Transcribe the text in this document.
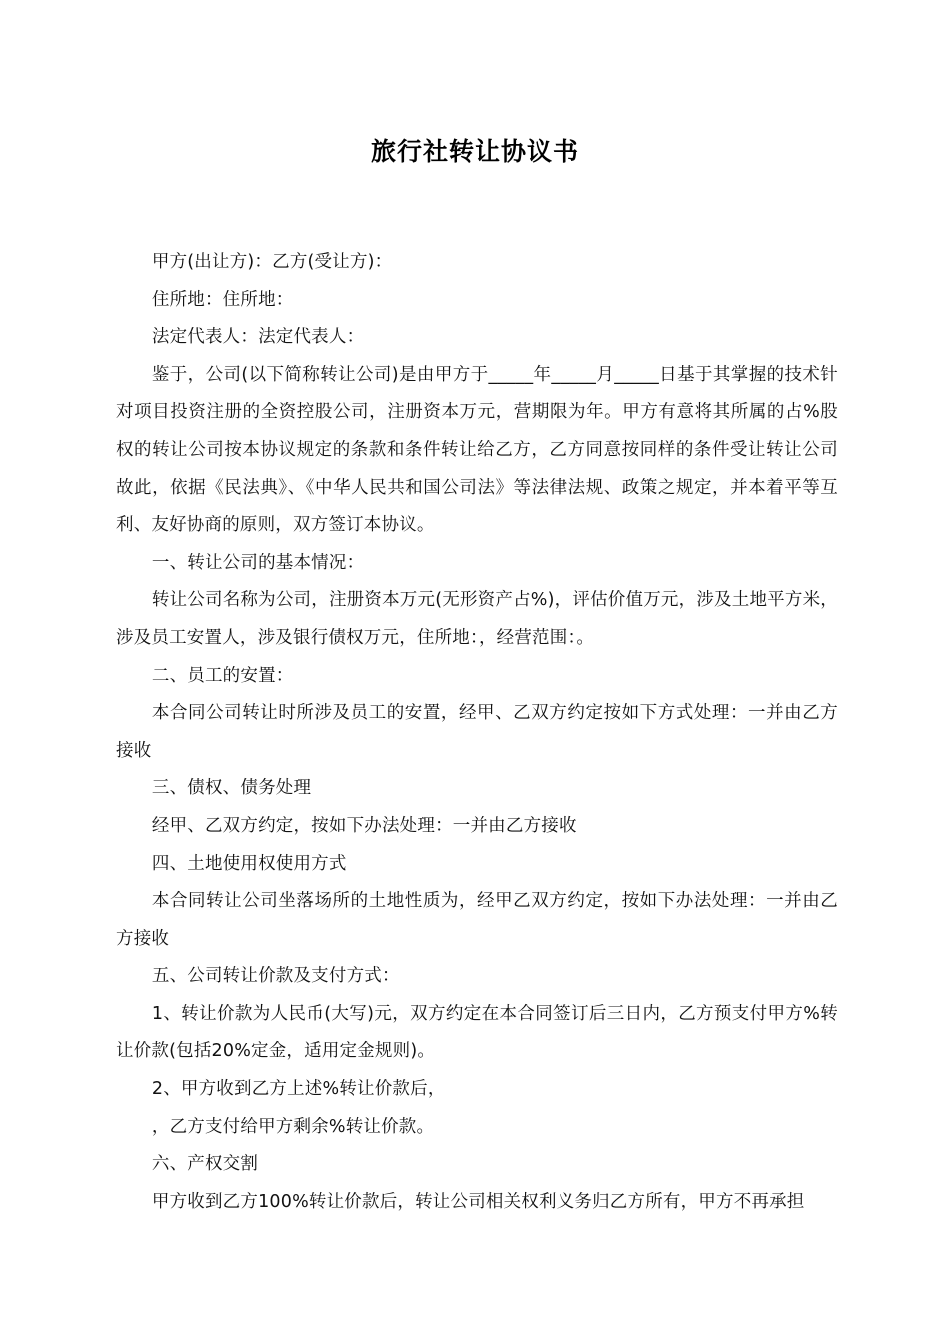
旅行社转让协议书

甲方(出让方)：乙方(受让方)：

住所地：住所地：

法定代表人：法定代表人：

鉴于，公司(以下简称转让公司)是由甲方于_____年_____月_____日基于其掌握的技术针对项目投资注册的全资控股公司，注册资本万元，营期限为年。甲方有意将其所属的占%股权的转让公司按本协议规定的条款和条件转让给乙方，乙方同意按同样的条件受让转让公司故此，依据《民法典》、《中华人民共和国公司法》等法律法规、政策之规定，并本着平等互利、友好协商的原则，双方签订本协议。

一、转让公司的基本情况：

转让公司名称为公司，注册资本万元(无形资产占%)，评估价值万元，涉及土地平方米，涉及员工安置人，涉及银行债权万元，住所地：，经营范围：。

二、员工的安置：

本合同公司转让时所涉及员工的安置，经甲、乙双方约定按如下方式处理：一并由乙方接收

三、债权、债务处理

经甲、乙双方约定，按如下办法处理：一并由乙方接收

四、土地使用权使用方式

本合同转让公司坐落场所的土地性质为，经甲乙双方约定，按如下办法处理：一并由乙方接收

五、公司转让价款及支付方式：

1、转让价款为人民币(大写)元，双方约定在本合同签订后三日内，乙方预支付甲方%转让价款(包括20%定金，适用定金规则)。

2、甲方收到乙方上述%转让价款后，

，乙方支付给甲方剩余%转让价款。

六、产权交割

甲方收到乙方100%转让价款后，转让公司相关权利义务归乙方所有，甲方不再承担
